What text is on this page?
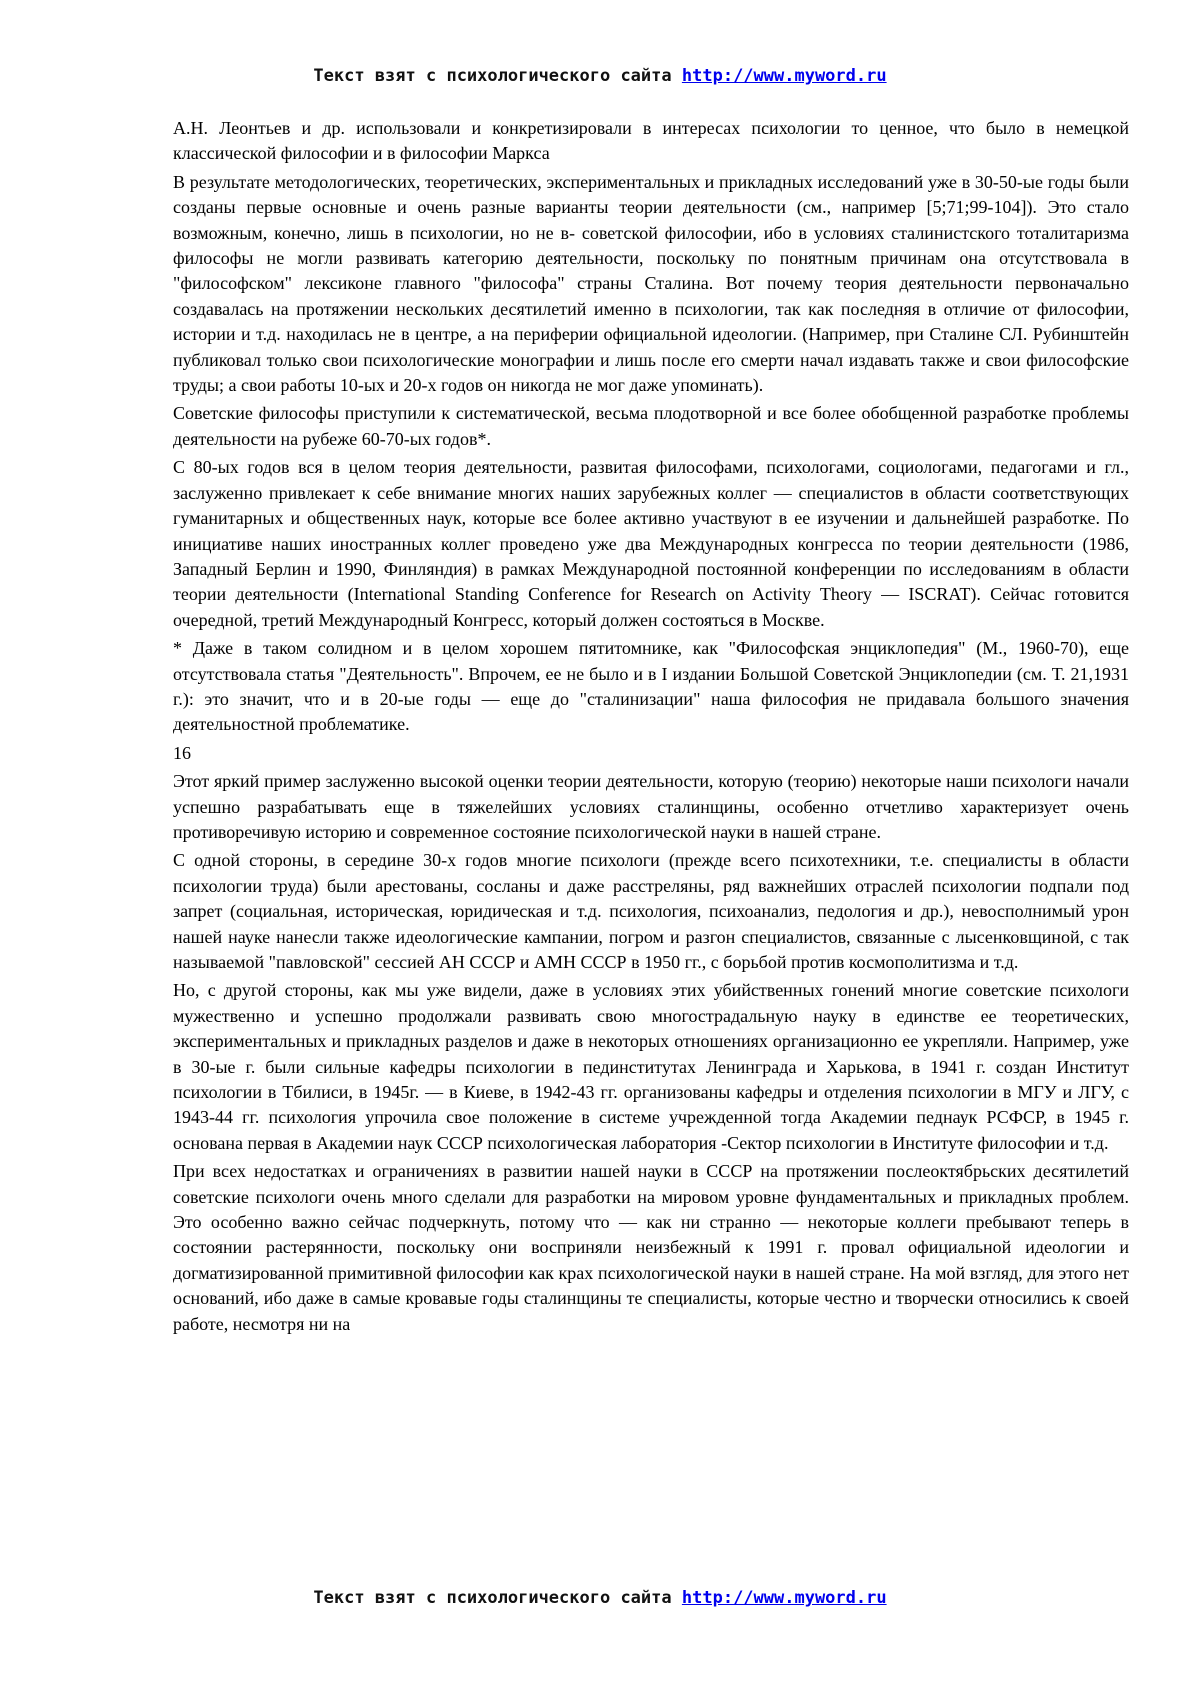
Текст взят с психологического сайта http://www.myword.ru

А.Н. Леонтьев и др. использовали и конкретизировали в интересах психологии то ценное, что было в немецкой классической философии и в философии Маркса

В результате методологических, теоретических, экспериментальных и прикладных исследований уже в 30-50-ые годы были созданы первые основные и очень разные варианты теории деятельности (см., например [5;71;99-104]). Это стало возможным, конечно, лишь в психологии, но не в- советской философии, ибо в условиях сталинистского тоталитаризма философы не могли развивать категорию деятельности, поскольку по понятным причинам она отсутствовала в "философском" лексиконе главного "философа" страны Сталина. Вот почему теория деятельности первоначально создавалась на протяжении нескольких десятилетий именно в психологии, так как последняя в отличие от философии, истории и т.д. находилась не в центре, а на периферии официальной идеологии. (Например, при Сталине СЛ. Рубинштейн публиковал только свои психологические монографии и лишь после его смерти начал издавать также и свои философские труды; а свои работы 10-ых и 20-х годов он никогда не мог даже упоминать).

Советские философы приступили к систематической, весьма плодотворной и все более обобщенной разработке проблемы деятельности на рубеже 60-70-ых годов*.

С 80-ых годов вся в целом теория деятельности, развитая философами, психологами, социологами, педагогами и гл., заслуженно привлекает к себе внимание многих наших зарубежных коллег — специалистов в области соответствующих гуманитарных и общественных наук, которые все более активно участвуют в ее изучении и дальнейшей разработке. По инициативе наших иностранных коллег проведено уже два Международных конгресса по теории деятельности (1986, Западный Берлин и 1990, Финляндия) в рамках Международной постоянной конференции по исследованиям в области теории деятельности (International Standing Conference for Research on Activity Theory — ISCRAT). Сейчас готовится очередной, третий Международный Конгресс, который должен состояться в Москве.

* Даже в таком солидном и в целом хорошем пятитомнике, как "Философская энциклопедия" (М., 1960-70), еще отсутствовала статья "Деятельность". Впрочем, ее не было и в I издании Большой Советской Энциклопедии (см. Т. 21,1931 г.): это значит, что и в 20-ые годы — еще до "сталинизации" наша философия не придавала большого значения деятельностной проблематике.

16

Этот яркий пример заслуженно высокой оценки теории деятельности, которую (теорию) некоторые наши психологи начали успешно разрабатывать еще в тяжелейших условиях сталинщины, особенно отчетливо характеризует очень противоречивую историю и современное состояние психологической науки в нашей стране.

С одной стороны, в середине 30-х годов многие психологи (прежде всего психотехники, т.е. специалисты в области психологии труда) были арестованы, сосланы и даже расстреляны, ряд важнейших отраслей психологии подпали под запрет (социальная, историческая, юридическая и т.д. психология, психоанализ, педология и др.), невосполнимый урон нашей науке нанесли также идеологические кампании, погром и разгон специалистов, связанные с лысенковщиной, с так называемой "павловской" сессией АН СССР и АМН СССР в 1950 гг., с борьбой против космополитизма и т.д.

Но, с другой стороны, как мы уже видели, даже в условиях этих убийственных гонений многие советские психологи мужественно и успешно продолжали развивать свою многострадальную науку в единстве ее теоретических, экспериментальных и прикладных разделов и даже в некоторых отношениях организационно ее укрепляли. Например, уже в 30-ые г. были сильные кафедры психологии в пединститутах Ленинграда и Харькова, в 1941 г. создан Институт психологии в Тбилиси, в 1945г. — в Киеве, в 1942-43 гг. организованы кафедры и отделения психологии в МГУ и ЛГУ, с 1943-44 гг. психология упрочила свое положение в системе учрежденной тогда Академии педнаук РСФСР, в 1945 г. основана первая в Академии наук СССР психологическая лаборатория -Сектор психологии в Институте философии и т.д.

При всех недостатках и ограничениях в развитии нашей науки в СССР на протяжении послеоктябрьских десятилетий советские психологи очень много сделали для разработки на мировом уровне фундаментальных и прикладных проблем. Это особенно важно сейчас подчеркнуть, потому что — как ни странно — некоторые коллеги пребывают теперь в состоянии растерянности, поскольку они восприняли неизбежный к 1991 г. провал официальной идеологии и догматизированной примитивной философии как крах психологической науки в нашей стране. На мой взгляд, для этого нет оснований, ибо даже в самые кровавые годы сталинщины те специалисты, которые честно и творчески относились к своей работе, несмотря ни на

Текст взят с психологического сайта http://www.myword.ru
